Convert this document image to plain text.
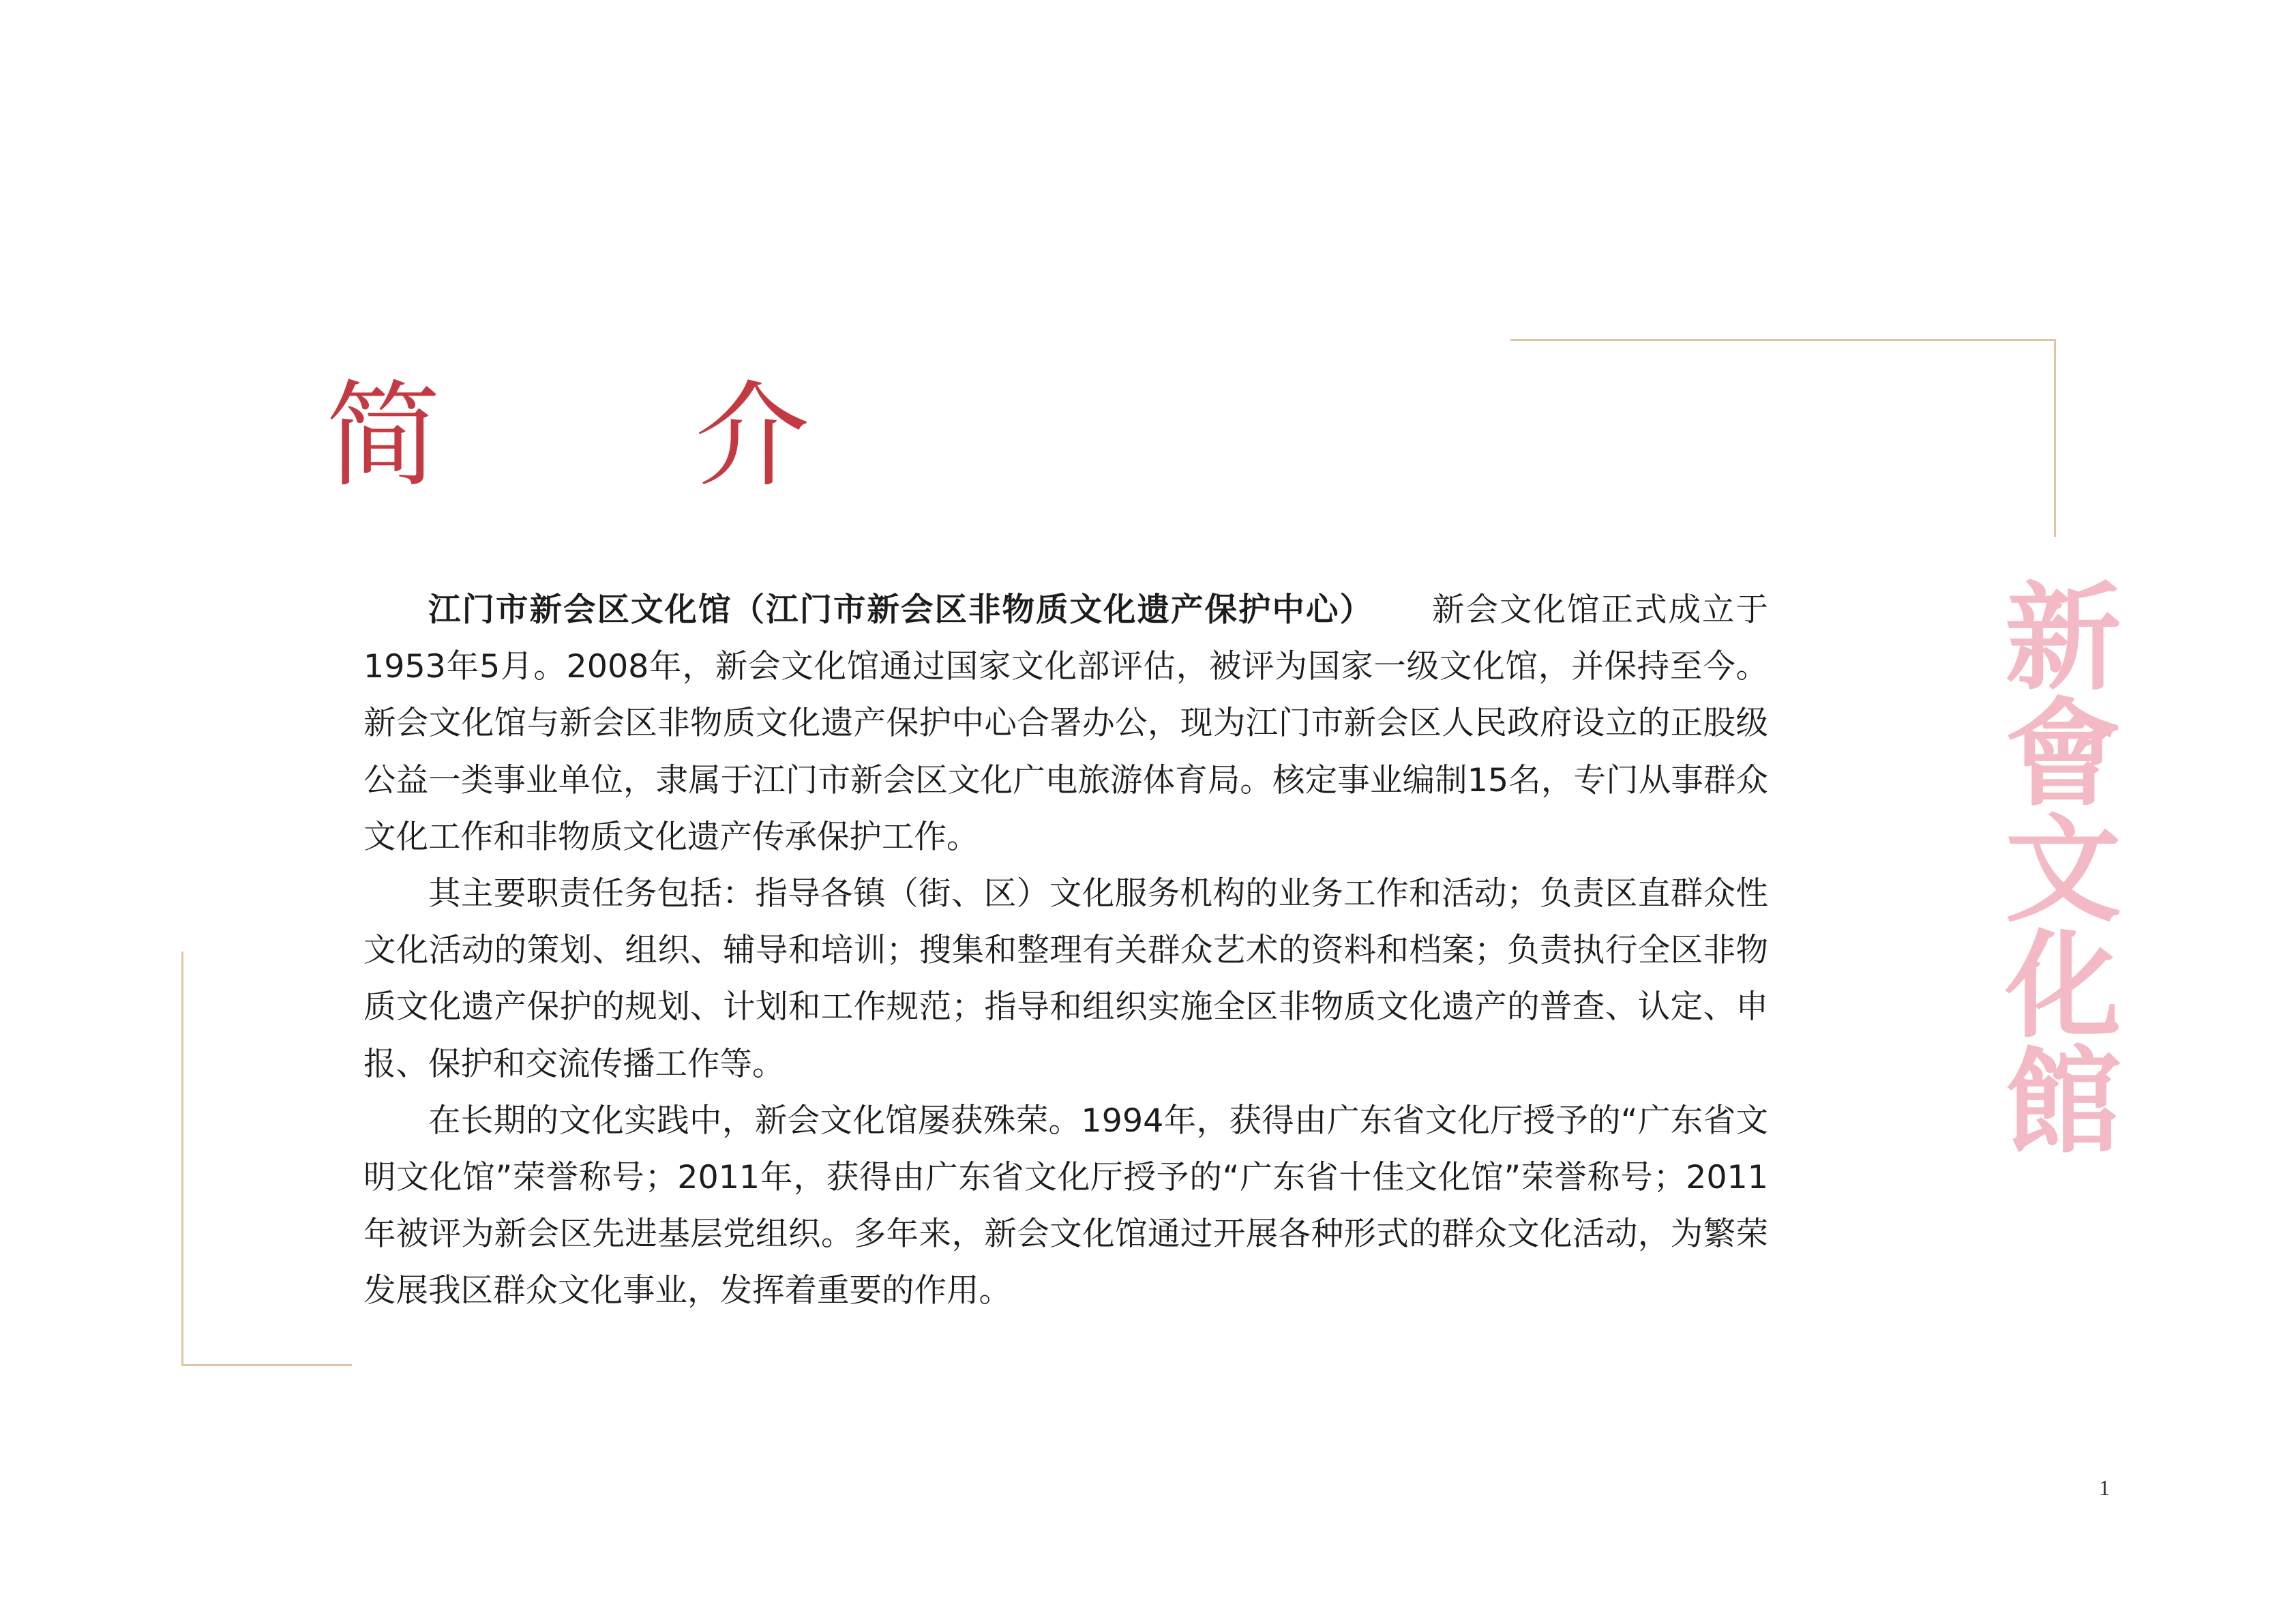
简 介
新會文化館

江门市新会区文化馆（江门市新会区非物质文化遗产保护中心） 新会文化馆正式成立于1953年5月。2008年，新会文化馆通过国家文化部评估，被评为国家一级文化馆，并保持至今。新会文化馆与新会区非物质文化遗产保护中心合署办公，现为江门市新会区人民政府设立的正股级公益一类事业单位，隶属于江门市新会区文化广电旅游体育局。核定事业编制15名，专门从事群众文化工作和非物质文化遗产传承保护工作。

其主要职责任务包括：指导各镇（街、区）文化服务机构的业务工作和活动；负责区直群众性文化活动的策划、组织、辅导和培训；搜集和整理有关群众艺术的资料和档案；负责执行全区非物质文化遗产保护的规划、计划和工作规范；指导和组织实施全区非物质文化遗产的普查、认定、申报、保护和交流传播工作等。

在长期的文化实践中，新会文化馆屡获殊荣。1994年，获得由广东省文化厅授予的“广东省文明文化馆”荣誉称号；2011年，获得由广东省文化厅授予的“广东省十佳文化馆”荣誉称号；2011年被评为新会区先进基层党组织。多年来，新会文化馆通过开展各种形式的群众文化活动，为繁荣发展我区群众文化事业，发挥着重要的作用。

1
